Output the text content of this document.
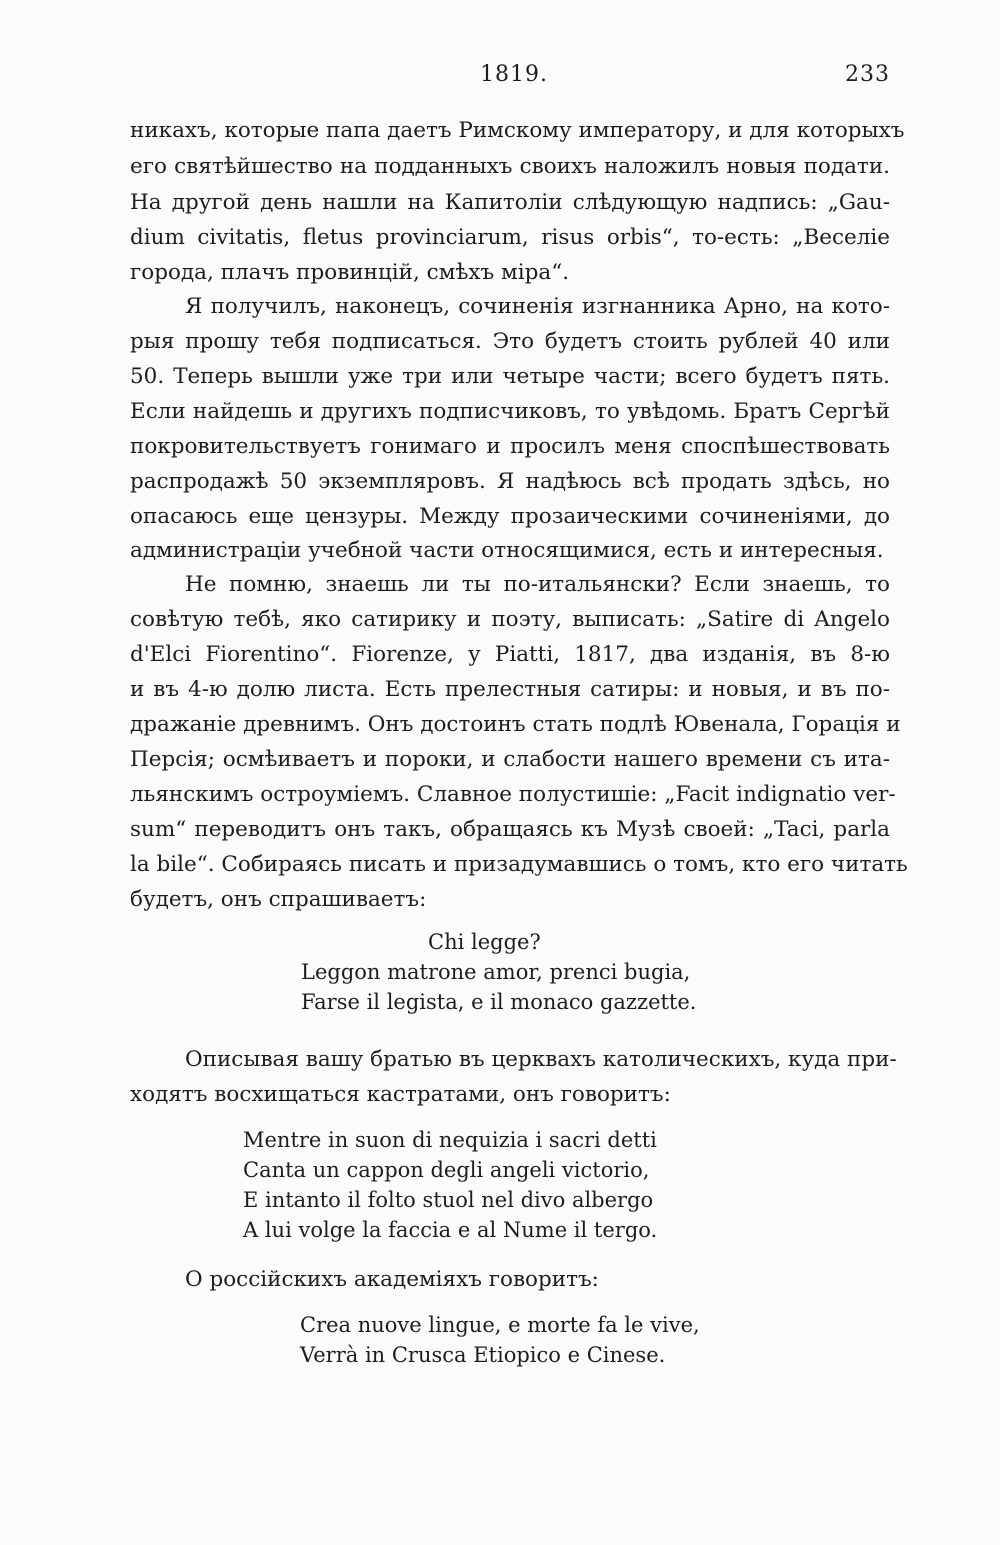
1819.	233
никахъ, которые папа даетъ Римскому императору, и для которыхъ
его святѣйшество на подданныхъ своихъ наложилъ новыя подати.
На другой день нашли на Капитоліи слѣдующую надпись: „Gau-
dium civitatis, fletus provinciarum, risus orbis“, то-есть: „Веселіе
города, плачъ провинцій, смѣхъ міра“.
Я получилъ, наконецъ, сочиненія изгнанника Арно, на кото-
рыя прошу тебя подписаться. Это будетъ стоить рублей 40 или
50. Теперь вышли уже три или четыре части; всего будетъ пять.
Если найдешь и другихъ подписчиковъ, то увѣдомь. Братъ Сергѣй
покровительствуетъ гонимаго и просилъ меня споспѣшествовать
распродажѣ 50 экземпляровъ. Я надѣюсь всѣ продать здѣсь, но
опасаюсь еще цензуры. Между прозаическими сочиненіями, до
администраціи учебной части относящимися, есть и интересныя.
Не помню, знаешь ли ты по-итальянски? Если знаешь, то
совѣтую тебѣ, яко сатирику и поэту, выписать: „Satire di Angelo
d'Elci Fiorentino“. Fiorenze, у Piatti, 1817, два изданія, въ 8-ю
и въ 4-ю долю листа. Есть прелестныя сатиры: и новыя, и въ по-
дражаніе древнимъ. Онъ достоинъ стать подлѣ Ювенала, Горація и
Персія; осмѣиваетъ и пороки, и слабости нашего времени съ ита-
льянскимъ остроуміемъ. Славное полустишіе: „Facit indignatio ver-
sum“ переводитъ онъ такъ, обращаясь къ Музѣ своей: „Taci, parla
la bile“. Собираясь писать и призадумавшись о томъ, кто его читать
будетъ, онъ спрашиваетъ:
Chi legge?
Leggon matrone amor, prenci bugia,
Farse il legista, e il monaco gazzette.
Описывая вашу братью въ церквахъ католическихъ, куда при-
ходятъ восхищаться кастратами, онъ говоритъ:
Mentre in suon di nequizia i sacri detti
Canta un cappon degli angeli victorio,
E intanto il folto stuol nel divo albergo
A lui volge la faccia e al Nume il tergo.
О россійскихъ академіяхъ говоритъ:
Crea nuove lingue, e morte fa le vive,
Verrà in Crusca Etiopico e Cinese.
